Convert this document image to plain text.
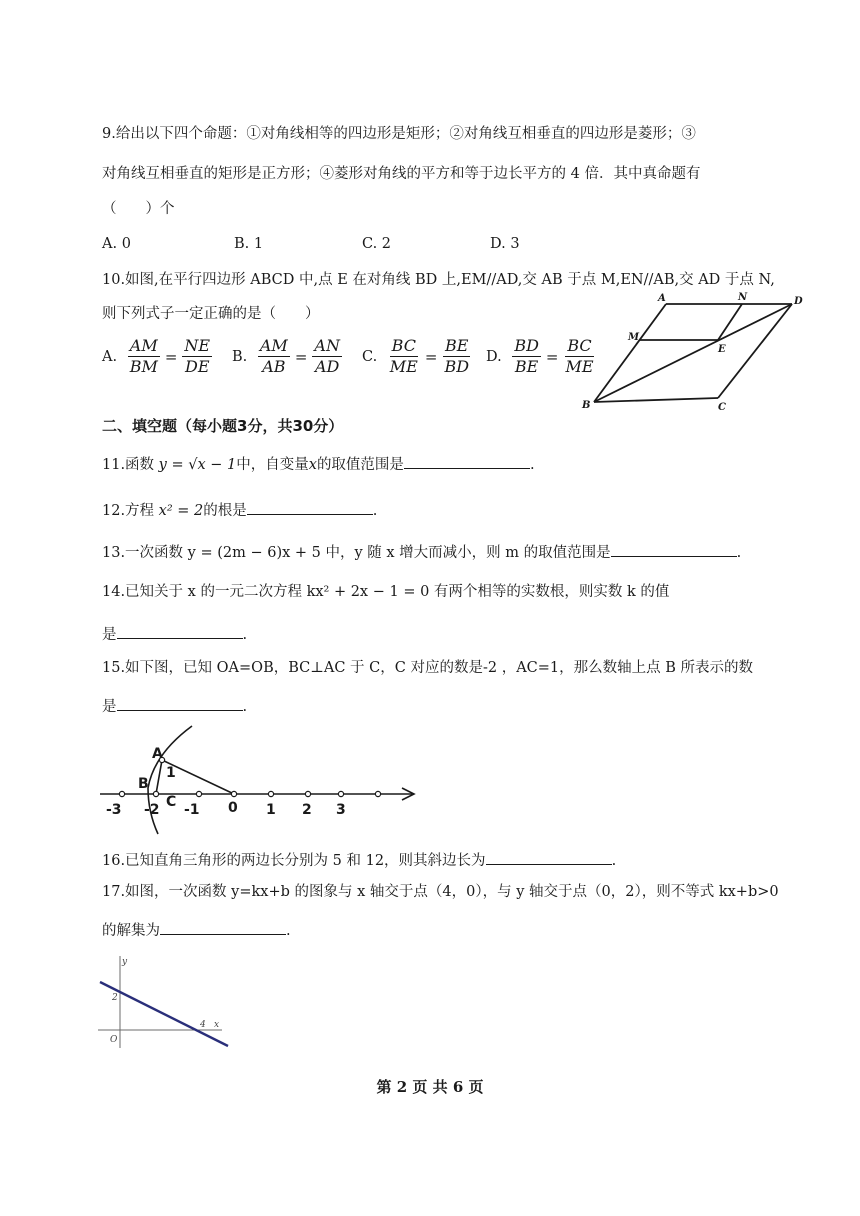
9.给出以下四个命题：①对角线相等的四边形是矩形；②对角线互相垂直的四边形是菱形；③
对角线互相垂直的矩形是正方形；④菱形对角线的平方和等于边长平方的 4 倍．其中真命题有
（　　）个
A. 0	B. 1	C. 2	D. 3
10.如图,在平行四边形 ABCD 中,点 E 在对角线 BD 上,EM//AD,交 AB 于点 M,EN//AB,交 AD 于点 N,
则下列式子一定正确的是（　　）
A. $\frac{AM}{BM} = \frac{NE}{DE} B$. $\frac{AM}{AB} = \frac{AN}{AD} C$. $\frac{BC}{ME} = \frac{BE}{BD} D$. $\frac{BD}{BE} = \frac{BC}{ME}$
A	N	D
M
E
B	C
二、填空题（每小题3分，共30分）
11.函数 y = √x − 1中，自变量x的取值范围是	.
12.方程 x² = 2的根是	.
13.一次函数 y = (2m − 6)x + 5 中，y 随 x 增大而减小，则 m 的取值范围是	.
14.已知关于 x 的一元二次方程 kx² + 2x − 1 = 0 有两个相等的实数根，则实数 k 的值
是	.
15.如下图，已知 OA=OB，BC⊥AC 于 C，C 对应的数是-2 ，AC=1，那么数轴上点 B 所表示的数
是	.
A
1
B
C
-3 -2 -1 0 1 2 3
16.已知直角三角形的两边长分别为 5 和 12，则其斜边长为	.
17.如图，一次函数 y=kx+b 的图象与 x 轴交于点（4，0），与 y 轴交于点（0，2），则不等式 kx+b>0
的解集为	.
y
x
2
4
O
第 2 页 共 6 页
